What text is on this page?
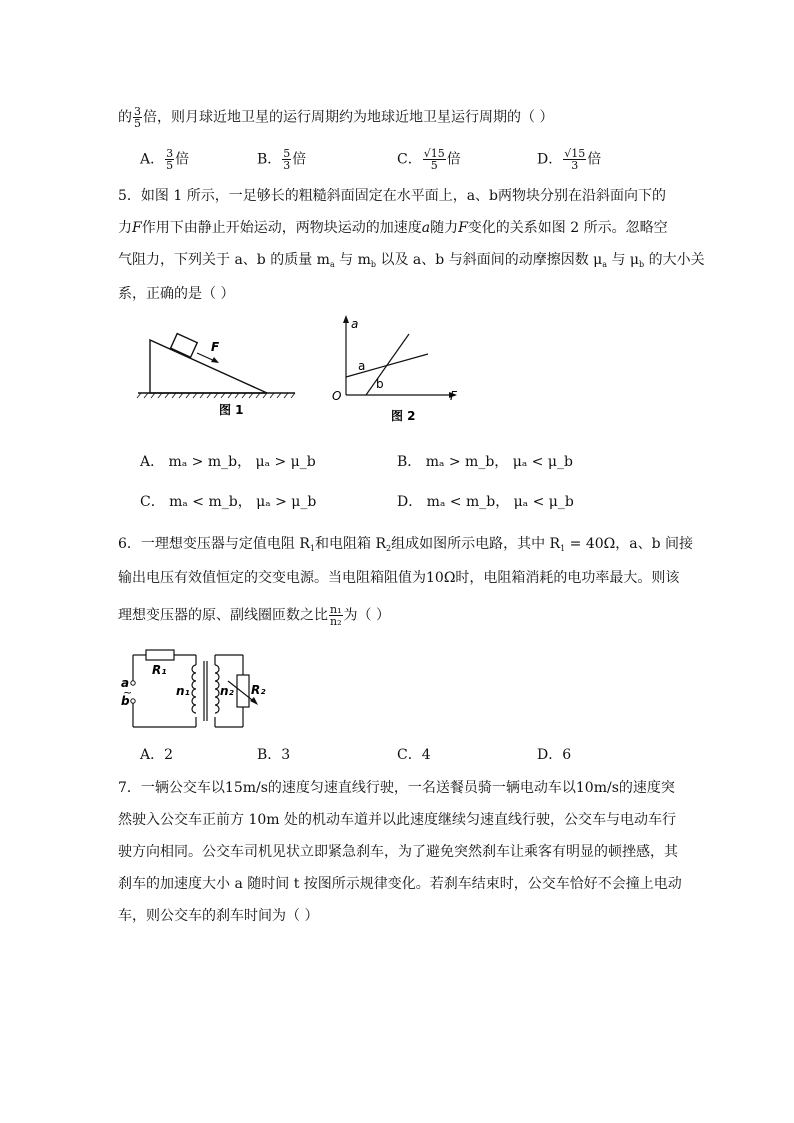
的 $\frac{3}{5}$ 倍，则月球近地卫星的运行周期约为地球近地卫星运行周期的（ ）
A． $\frac{3}{5}$ 倍	B． $\frac{5}{3}$ 倍	C． $\frac{√15}{5}$ 倍	D． $\frac{√15}{3}$ 倍
5．如图 1 所示，一足够长的粗糙斜面固定在水平面上，a、b两物块分别在沿斜面向下的
力F作用下由静止开始运动，两物块运动的加速度a随力F变化的关系如图 2 所示。忽略空
气阻力，下列关于 a、b 的质量 $m_a$ 与 $m_b$ 以及 a、b 与斜面间的动摩擦因数 $\mu_a$ 与 $\mu_b$ 的大小关
系，正确的是（ ）
F
图 1
a
F
O
a
b
图 2
A． mₐ > m_b， μₐ > μ_b	B． mₐ > m_b， μₐ < μ_b
C． mₐ < m_b， μₐ > μ_b	D． mₐ < m_b， μₐ < μ_b
6．一理想变压器与定值电阻 $R_1$和电阻箱 $R_2$组成如图所示电路，其中 $R_1 = 40\Omega$，a、b 间接
输出电压有效值恒定的交变电源。当电阻箱阻值为10Ω时，电阻箱消耗的电功率最大。则该
理想变压器的原、副线圈匝数之比 $\frac{\text{n₁}}{\text{n₂}}$ 为（ ）
a
b
~
R₁
n₁	n₂ R₂
A．2	B．3	C．4	D．6
7．一辆公交车以15m/s的速度匀速直线行驶，一名送餐员骑一辆电动车以10m/s的速度突
然驶入公交车正前方 10m 处的机动车道并以此速度继续匀速直线行驶，公交车与电动车行
驶方向相同。公交车司机见状立即紧急刹车，为了避免突然刹车让乘客有明显的顿挫感，其
刹车的加速度大小 a 随时间 t 按图所示规律变化。若刹车结束时，公交车恰好不会撞上电动
车，则公交车的刹车时间为（ ）
